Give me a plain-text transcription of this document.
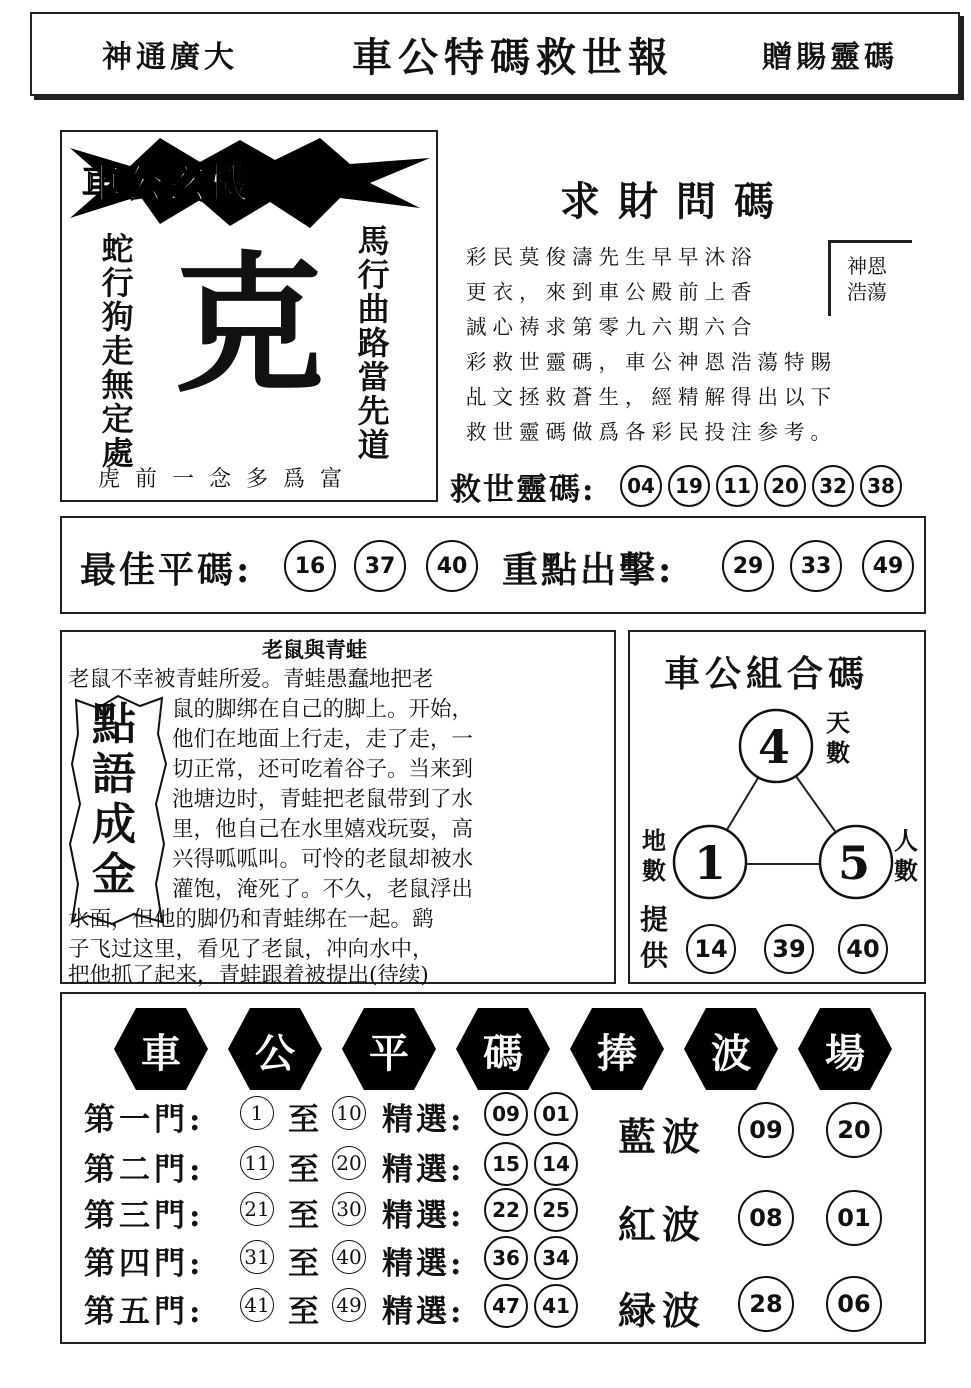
神通廣大	車公特碼救世報	贈賜靈碼
車公玄機
蛇行狗走無定處 克 馬行曲路當先道
虎前一念多爲富
求財問碼
神恩
浩蕩
彩民莫俊濤先生早早沐浴
更衣，來到車公殿前上香
誠心祷求第零九六期六合
彩救世靈碼，車公神恩浩蕩特賜
乩文拯救蒼生，經精解得出以下
救世靈碼做爲各彩民投注参考。
救世靈碼:	04	19	11	20	32	38
最佳平碼:	16	37	40 重點出擊:	29	33	49
老鼠與青蛙
點
語
成
金
老鼠不幸被青蛙所爱。青蛙愚蠢地把老
鼠的脚绑在自己的脚上。开始，
他们在地面上行走，走了走，一
切正常，还可吃着谷子。当来到
池塘边时，青蛙把老鼠带到了水
里，他自己在水里嬉戏玩耍，高
兴得呱呱叫。可怜的老鼠却被水
灌饱，淹死了。不久，老鼠浮出
水面，但他的脚仍和青蛙绑在一起。鹞
子飞过这里，看见了老鼠，冲向水中，
把他抓了起来，青蛙跟着被提出(待续)
車公組合碼
4
1 5
天
數
地
數
人
數
提
供	14	39	40
車	公	平	碼	捧	波	場
第一門:	1 至 10 精選:	09	01
第二門: 11 至 20 精選:	15	14
第三門: 21 至 30 精選:	22	25
第四門: 31 至 40 精選:	36	34
第五門: 41 至 49 精選:	47	41
藍波	09	20
紅波	08	01
緑波	28	06
